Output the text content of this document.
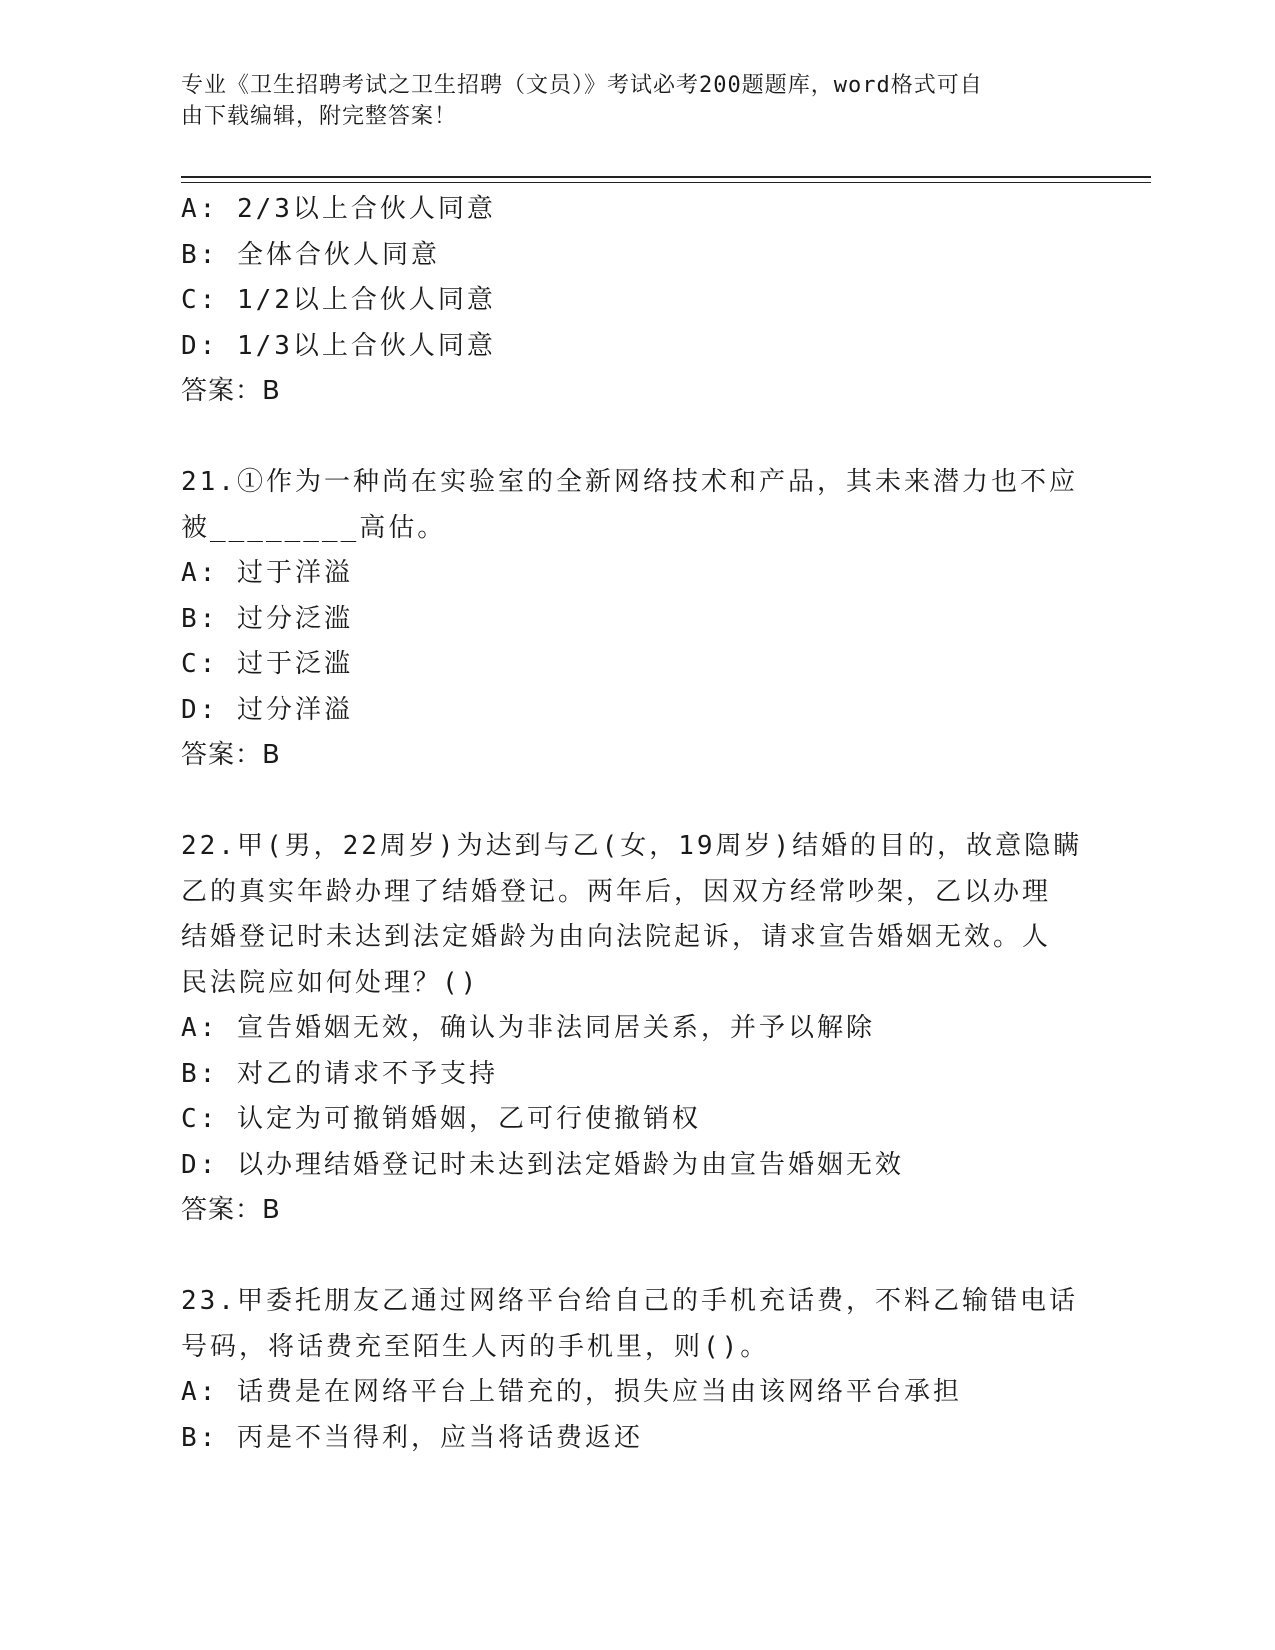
专业《卫生招聘考试之卫生招聘（文员）》考试必考200题题库，word格式可自
由下载编辑，附完整答案！
A: 2/3以上合伙人同意
B: 全体合伙人同意
C: 1/2以上合伙人同意
D: 1/3以上合伙人同意
答案：B
21.①作为一种尚在实验室的全新网络技术和产品，其未来潜力也不应
被________高估。
A: 过于洋溢
B: 过分泛滥
C: 过于泛滥
D: 过分洋溢
答案：B
22.甲(男，22周岁)为达到与乙(女，19周岁)结婚的目的，故意隐瞒
乙的真实年龄办理了结婚登记。两年后，因双方经常吵架，乙以办理
结婚登记时未达到法定婚龄为由向法院起诉，请求宣告婚姻无效。人
民法院应如何处理？()
A: 宣告婚姻无效，确认为非法同居关系，并予以解除
B: 对乙的请求不予支持
C: 认定为可撤销婚姻，乙可行使撤销权
D: 以办理结婚登记时未达到法定婚龄为由宣告婚姻无效
答案：B
23.甲委托朋友乙通过网络平台给自己的手机充话费，不料乙输错电话
号码，将话费充至陌生人丙的手机里，则()。
A: 话费是在网络平台上错充的，损失应当由该网络平台承担
B: 丙是不当得利，应当将话费返还
